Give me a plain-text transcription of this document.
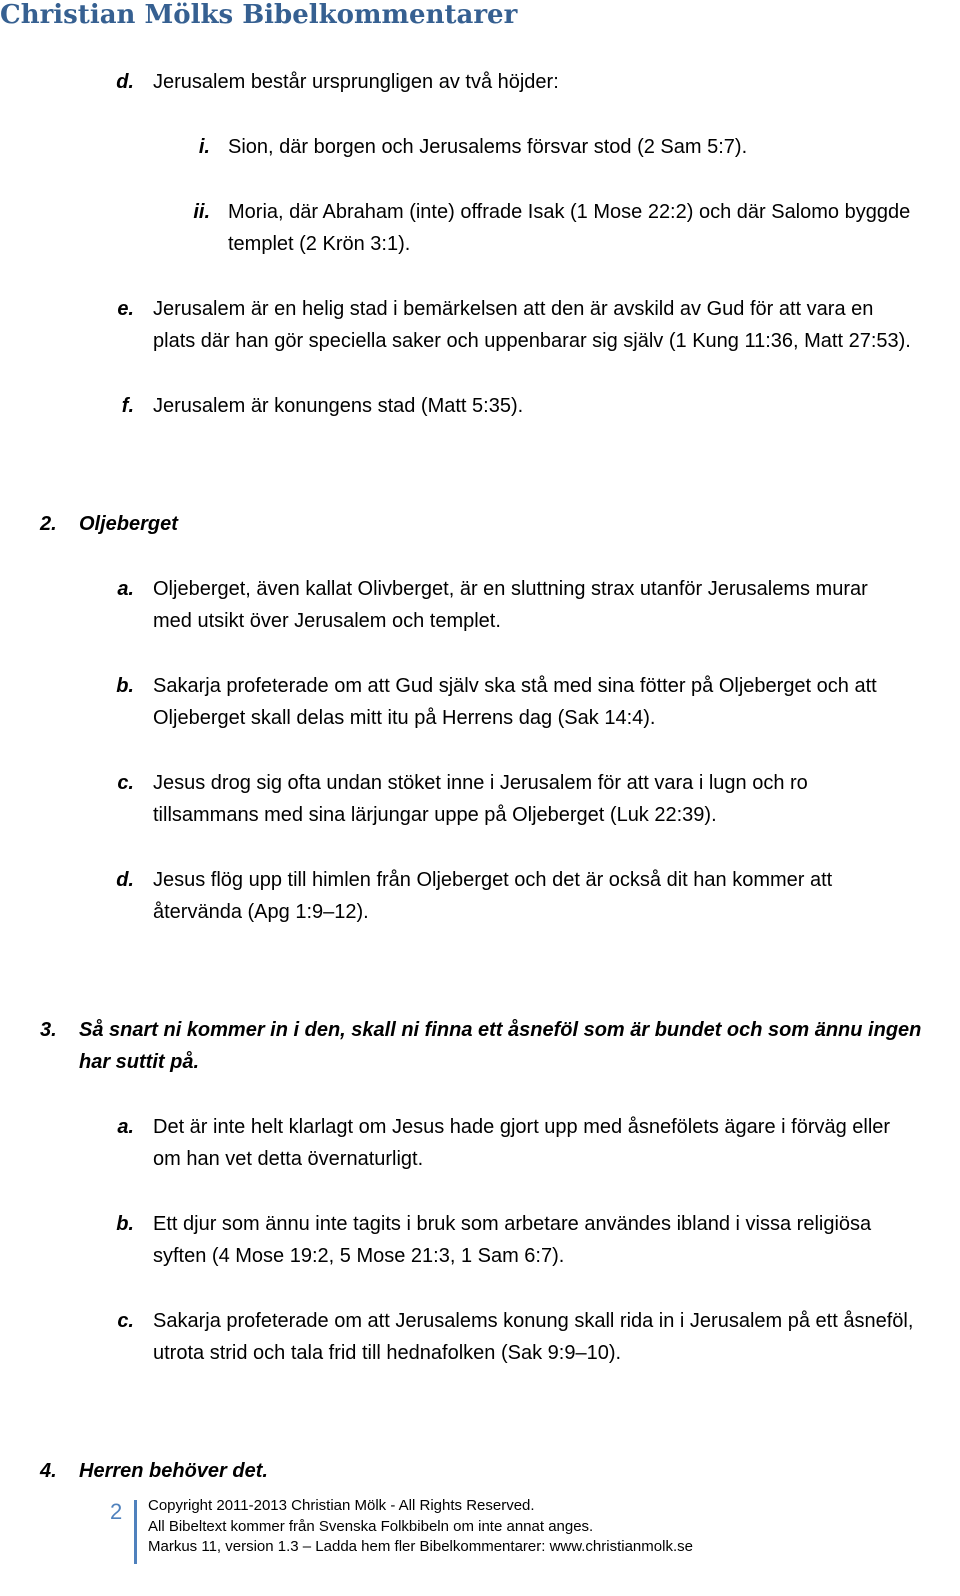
Christian Mölks Bibelkommentarer
d. Jerusalem består ursprungligen av två höjder:
i. Sion, där borgen och Jerusalems försvar stod (2 Sam 5:7).
ii. Moria, där Abraham (inte) offrade Isak (1 Mose 22:2) och där Salomo byggde
templet (2 Krön 3:1).
e. Jerusalem är en helig stad i bemärkelsen att den är avskild av Gud för att vara en
plats där han gör speciella saker och uppenbarar sig själv (1 Kung 11:36, Matt 27:53).
f. Jerusalem är konungens stad (Matt 5:35).
2. Oljeberget
a. Oljeberget, även kallat Olivberget, är en sluttning strax utanför Jerusalems murar
med utsikt över Jerusalem och templet.
b. Sakarja profeterade om att Gud själv ska stå med sina fötter på Oljeberget och att
Oljeberget skall delas mitt itu på Herrens dag (Sak 14:4).
c. Jesus drog sig ofta undan stöket inne i Jerusalem för att vara i lugn och ro
tillsammans med sina lärjungar uppe på Oljeberget (Luk 22:39).
d. Jesus flög upp till himlen från Oljeberget och det är också dit han kommer att
återvända (Apg 1:9–12).
3. Så snart ni kommer in i den, skall ni finna ett åsneföl som är bundet och som ännu ingen
har suttit på.
a. Det är inte helt klarlagt om Jesus hade gjort upp med åsnefölets ägare i förväg eller
om han vet detta övernaturligt.
b. Ett djur som ännu inte tagits i bruk som arbetare användes ibland i vissa religiösa
syften (4 Mose 19:2, 5 Mose 21:3, 1 Sam 6:7).
c. Sakarja profeterade om att Jerusalems konung skall rida in i Jerusalem på ett åsneföl,
utrota strid och tala frid till hednafolken (Sak 9:9–10).
4. Herren behöver det.
2 Copyright 2011-2013 Christian Mölk - All Rights Reserved.
All Bibeltext kommer från Svenska Folkbibeln om inte annat anges.
Markus 11, version 1.3 – Ladda hem fler Bibelkommentarer: www.christianmolk.se
